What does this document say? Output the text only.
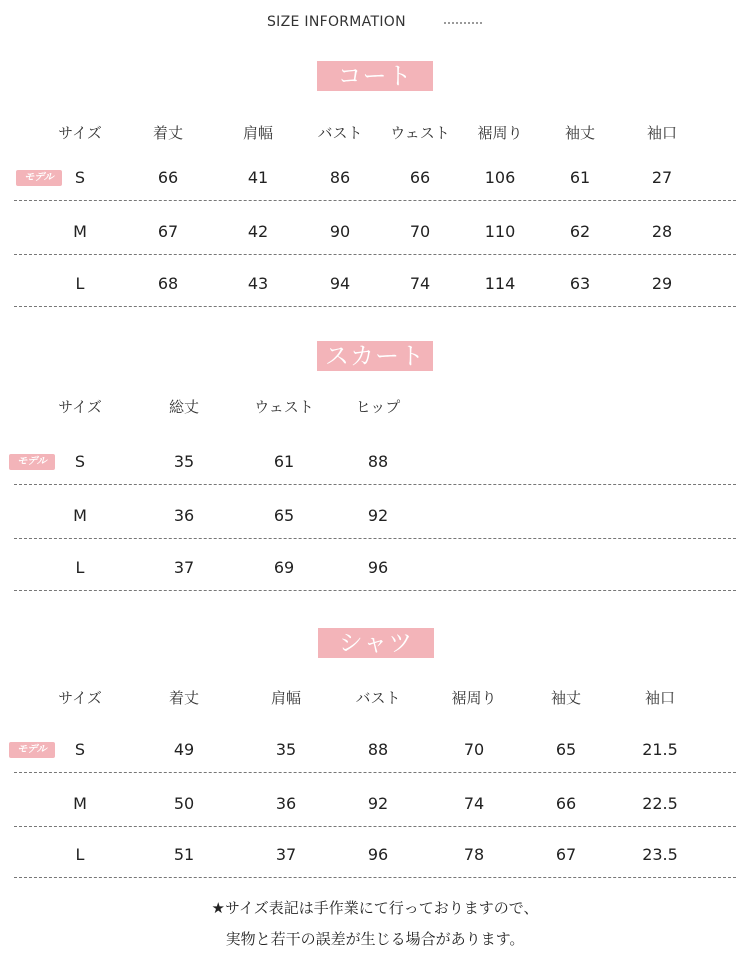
SIZE INFORMATION
コート
サイズ	着丈	肩幅	バスト	ウェスト	裾周り	袖丈	袖口
モデル	S	66	41	86	66	106	61	27
M	67	42	90	70	110	62	28
L	68	43	94	74	114	63	29
スカート
サイズ	総丈	ウェスト	ヒップ
モデル	S	35	61	88
M	36	65	92
L	37	69	96
シャツ
サイズ	着丈	肩幅	バスト	裾周り	袖丈	袖口
モデル	S	49	35	88	70	65	21.5
M	50	36	92	74	66	22.5
L	51	37	96	78	67	23.5
★サイズ表記は手作業にて行っておりますので、
実物と若干の誤差が生じる場合があります。
